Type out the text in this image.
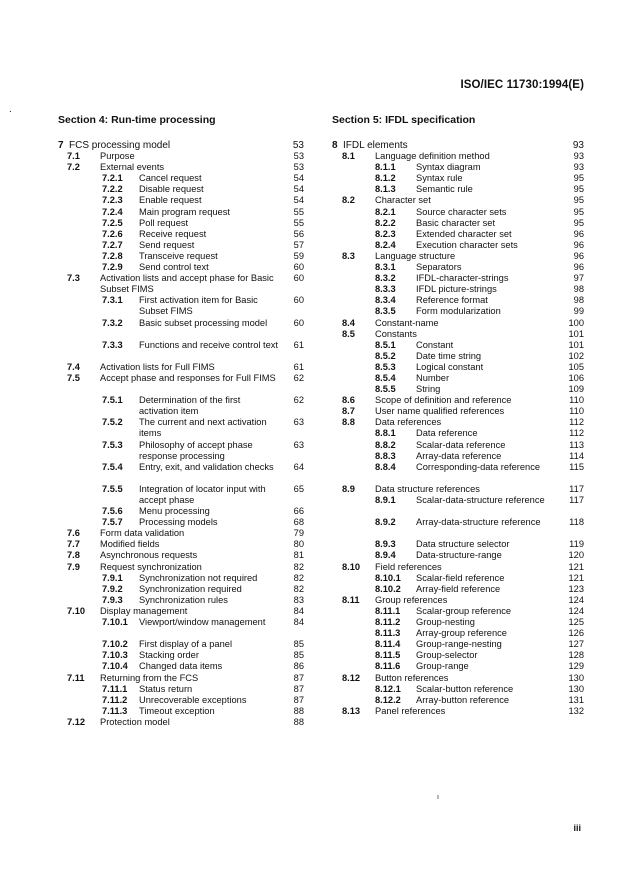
ISO/IEC 11730:1994(E)
.
Section 4: Run-time processing	Section 5: IFDL specification
7 FCS processing model	53
7.1 Purpose	53
7.2 External events	53
7.2.1 Cancel request	54
7.2.2 Disable request	54
7.2.3 Enable request	54
7.2.4 Main program request	55
7.2.5 Poll request	55
7.2.6 Receive request	56
7.2.7 Send request	57
7.2.8 Transceive request	59
7.2.9 Send control text	60
7.3 Activation lists and accept phase for Basic Subset FIMS
60
7.3.1 First activation item for Basic Subset FIMS
60
7.3.2 Basic subset processing model	60
7.3.3 Functions and receive control text	61
7.4 Activation lists for Full FIMS	61
7.5 Accept phase and responses for Full FIMS	62
7.5.1 Determination of the first activation item
62
7.5.2 The current and next activation items
63
7.5.3 Philosophy of accept phase response processing
63
7.5.4 Entry, exit, and validation checks	64
7.5.5 Integration of locator input with accept phase
65
7.5.6 Menu processing	66
7.5.7 Processing models	68
7.6 Form data validation	79
7.7 Modified fields	80
7.8 Asynchronous requests	81
7.9 Request synchronization	82
7.9.1 Synchronization not required	82
7.9.2 Synchronization required	82
7.9.3 Synchronization rules	83
7.10 Display management	84
7.10.1 Viewport/window management	84
7.10.2 First display of a panel	85
7.10.3 Stacking order	85
7.10.4 Changed data items	86
7.11 Returning from the FCS	87
7.11.1 Status return	87
7.11.2 Unrecoverable exceptions	87
7.11.3 Timeout exception	88
7.12 Protection model	88
8 IFDL elements	93
8.1 Language definition method	93
8.1.1 Syntax diagram	93
8.1.2 Syntax rule	95
8.1.3 Semantic rule	95
8.2 Character set	95
8.2.1 Source character sets	95
8.2.2 Basic character set	95
8.2.3 Extended character set	96
8.2.4 Execution character sets	96
8.3 Language structure	96
8.3.1 Separators	96
8.3.2 IFDL-character-strings	97
8.3.3 IFDL picture-strings	98
8.3.4 Reference format	98
8.3.5 Form modularization	99
8.4 Constant-name	100
8.5 Constants	101
8.5.1 Constant	101
8.5.2 Date time string	102
8.5.3 Logical constant	105
8.5.4 Number	106
8.5.5 String	109
8.6 Scope of definition and reference	110
8.7 User name qualified references	110
8.8 Data references	112
8.8.1 Data reference	112
8.8.2 Scalar-data reference	113
8.8.3 Array-data reference	114
8.8.4 Corresponding-data reference	115
8.9 Data structure references	117
8.9.1 Scalar-data-structure reference	117
8.9.2 Array-data-structure reference	118
8.9.3 Data structure selector	119
8.9.4 Data-structure-range	120
8.10 Field references	121
8.10.1 Scalar-field reference	121
8.10.2 Array-field reference	123
8.11 Group references	124
8.11.1 Scalar-group reference	124
8.11.2 Group-nesting	125
8.11.3 Array-group reference	126
8.11.4 Group-range-nesting	127
8.11.5 Group-selector	128
8.11.6 Group-range	129
8.12 Button references	130
8.12.1 Scalar-button reference	130
8.12.2 Array-button reference	131
8.13 Panel references	132
ı
iii
